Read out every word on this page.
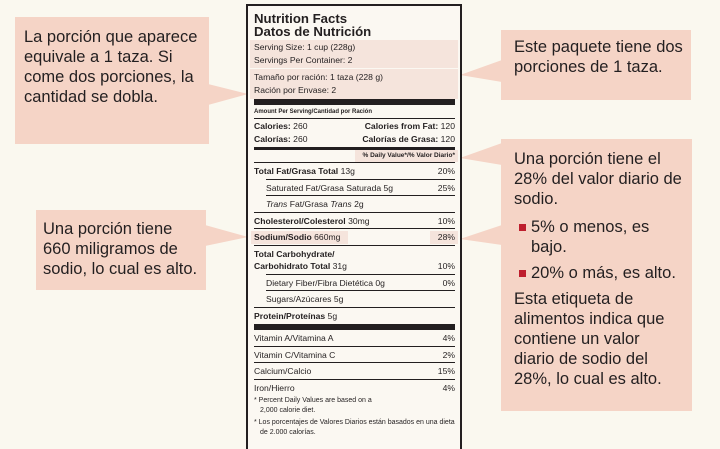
La porción que aparece equivale a 1 taza. Si come dos porciones, la cantidad se dobla.
Una porción tiene 660 miligramos de sodio, lo cual es alto.
Este paquete tiene dos porciones de 1 taza.
Una porción tiene el 28% del valor diario de sodio.
5% o menos, es bajo.
20% o más, es alto.
Esta etiqueta de alimentos indica que contiene un valor diario de sodio del 28%, lo cual es alto.
Nutrition Facts
Datos de Nutrición
Serving Size: 1 cup (228g)
Servings Per Container: 2
Tamaño por ración: 1 taza (228 g)
Ración por Envase: 2
Amount Per Serving/Cantidad por Ración
Calories: 260	Calories from Fat: 120
Calorías: 260	Calorías de Grasa: 120
% Daily Value*/% Valor Diario*
Total Fat/Grasa Total 13g	20%
Saturated Fat/Grasa Saturada 5g	25%
Trans Fat/Grasa Trans 2g
Cholesterol/Colesterol 30mg	10%
Sodium/Sodio 660mg	28%
Total Carbohydrate/
Carbohidrato Total 31g	10%
Dietary Fiber/Fibra Dietética 0g	0%
Sugars/Azúcares 5g
Protein/Proteínas 5g
Vitamin A/Vitamina A	4%
Vitamin C/Vitamina C	2%
Calcium/Calcio	15%
Iron/Hierro	4%
* Percent Daily Values are based on a 2,000 calorie diet.
* Los porcentajes de Valores Diarios están basados en una dieta de 2.000 calorías.
